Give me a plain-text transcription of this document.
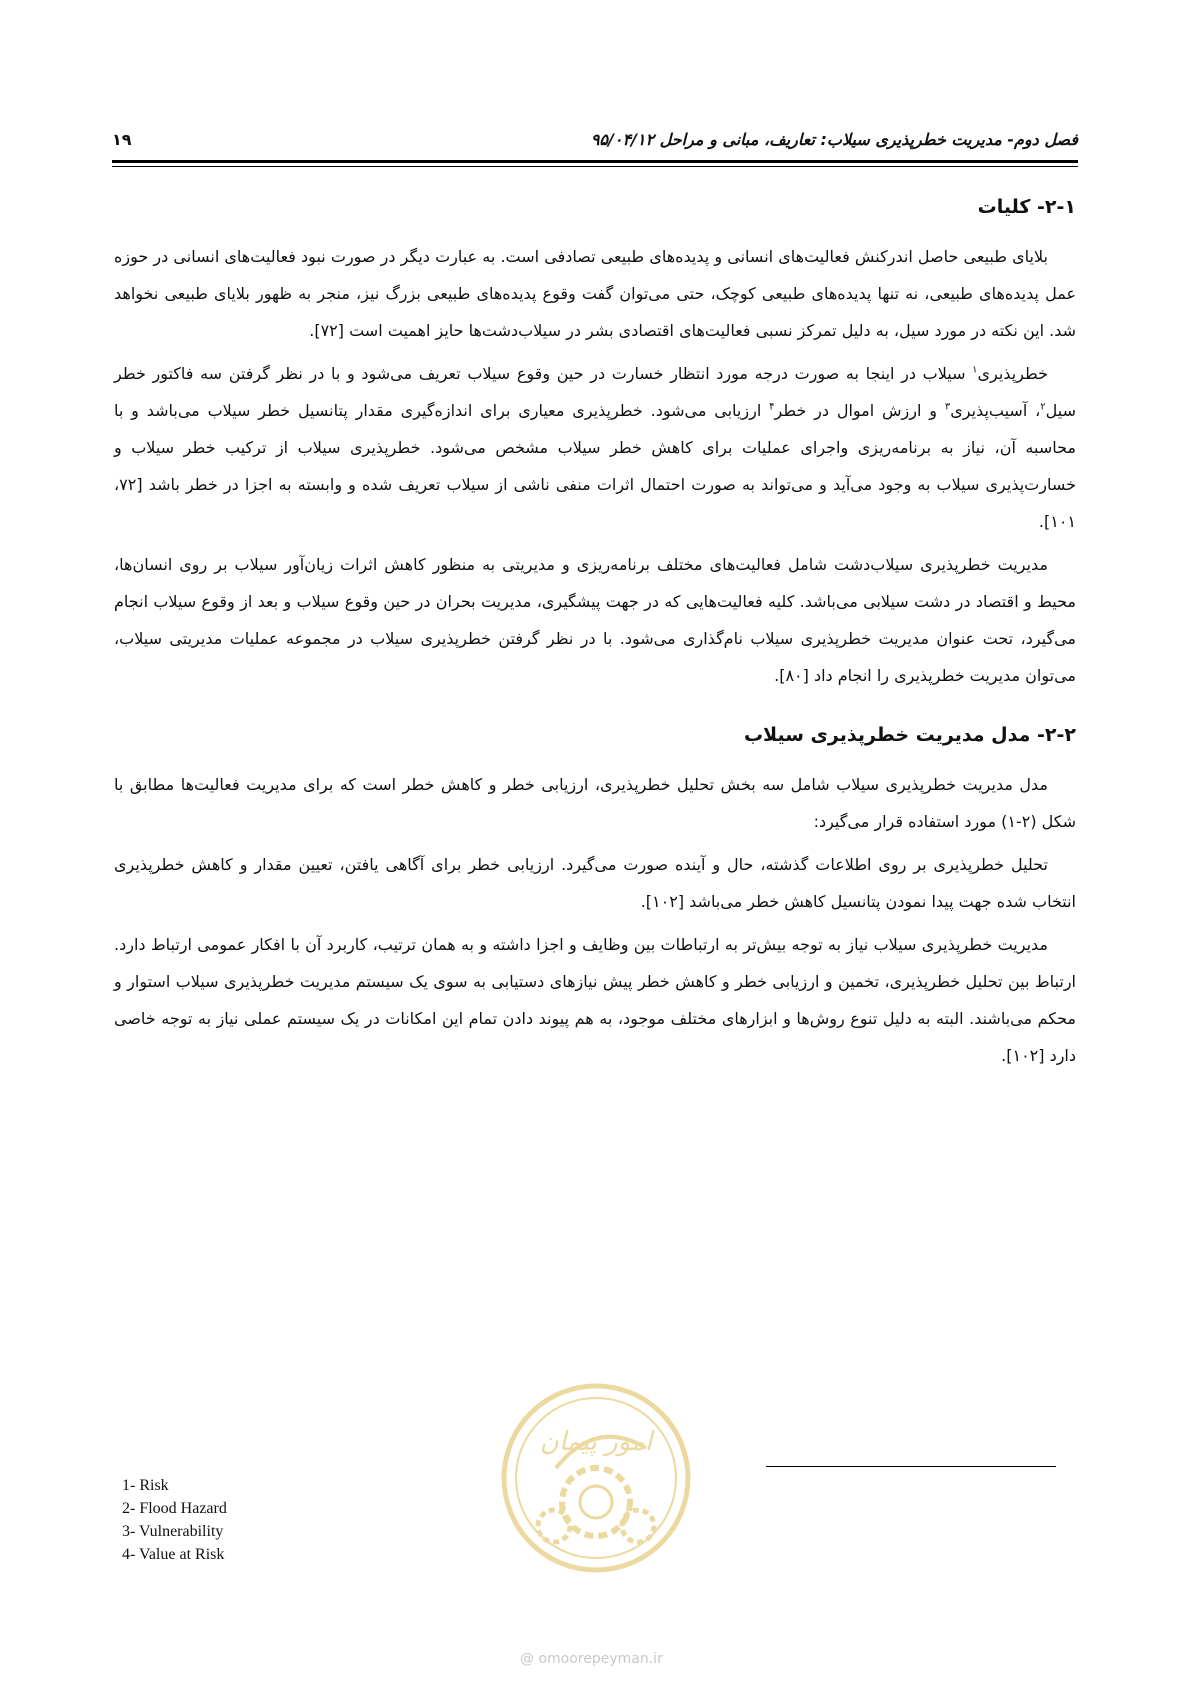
۱۹	فصل دوم- مدیریت خطرپذیری سیلاب: تعاریف، مبانی و مراحل ۹۵/۰۴/۱۲
۲-۱- کلیات

بلایای طبیعی حاصل اندرکنش فعالیت‌های انسانی و پدیده‌های طبیعی تصادفی است. به عبارت دیگر در صورت نبود فعالیت‌های انسانی در حوزه عمل پدیده‌های طبیعی، نه تنها پدیده‌های طبیعی کوچک، حتی می‌توان گفت وقوع پدیده‌های طبیعی بزرگ نیز، منجر به ظهور بلایای طبیعی نخواهد شد. این نکته در مورد سیل، به دلیل تمرکز نسبی فعالیت‌های اقتصادی بشر در سیلاب‌دشت‌ها حایز اهمیت است [۷۲].

خطرپذیری$^۱$ سیلاب در اینجا به صورت درجه مورد انتظار خسارت در حین وقوع سیلاب تعریف می‌شود و با در نظر گرفتن سه فاکتور خطر سیل$^۲$، آسیب‌پذیری$^۳$ و ارزش اموال در خطر$^۴$ ارزیابی می‌شود. خطرپذیری معیاری برای اندازه‌گیری مقدار پتانسیل خطر سیلاب می‌باشد و با محاسبه آن، نیاز به برنامه‌ریزی واجرای عملیات برای کاهش خطر سیلاب مشخص می‌شود. خطرپذیری سیلاب از ترکیب خطر سیلاب و خسارت‌پذیری سیلاب به وجود می‌آید و می‌تواند به صورت احتمال اثرات منفی ناشی از سیلاب تعریف شده و وابسته به اجزا در خطر باشد [۷۲، ۱۰۱].

مدیریت خطرپذیری سیلاب‌دشت شامل فعالیت‌های مختلف برنامه‌ریزی و مدیریتی به منظور کاهش اثرات زیان‌آور سیلاب بر روی انسان‌ها، محیط و اقتصاد در دشت سیلابی می‌باشد. کلیه فعالیت‌هایی که در جهت پیشگیری، مدیریت بحران در حین وقوع سیلاب و بعد از وقوع سیلاب انجام می‌گیرد، تحت عنوان مدیریت خطرپذیری سیلاب نام‌گذاری می‌شود. با در نظر گرفتن خطرپذیری سیلاب در مجموعه عملیات مدیریتی سیلاب، می‌توان مدیریت خطرپذیری را انجام داد [۸۰].

۲-۲- مدل مدیریت خطرپذیری سیلاب

مدل مدیریت خطرپذیری سیلاب شامل سه بخش تحلیل خطرپذیری، ارزیابی خطر و کاهش خطر است که برای مدیریت فعالیت‌ها مطابق با شکل (۲-۱) مورد استفاده قرار می‌گیرد:

تحلیل خطرپذیری بر روی اطلاعات گذشته، حال و آینده صورت می‌گیرد. ارزیابی خطر برای آگاهی یافتن، تعیین مقدار و کاهش خطرپذیری انتخاب شده جهت پیدا نمودن پتانسیل کاهش خطر می‌باشد [۱۰۲].

مدیریت خطرپذیری سیلاب نیاز به توجه بیش‌تر به ارتباطات بین وظایف و اجزا داشته و به همان ترتیب، کاربرد آن با افکار عمومی ارتباط دارد. ارتباط بین تحلیل خطرپذیری، تخمین و ارزیابی خطر و کاهش خطر پیش نیازهای دستیابی به سوی یک سیستم مدیریت خطرپذیری سیلاب استوار و محکم می‌باشند. البته به دلیل تنوع روش‌ها و ابزارهای مختلف موجود، به هم پیوند دادن تمام این امکانات در یک سیستم عملی نیاز به توجه خاصی دارد [۱۰۲].

امور پیمان
@ omoorepeyman.ir
1- Risk
2- Flood Hazard
3- Vulnerability
4- Value at Risk
